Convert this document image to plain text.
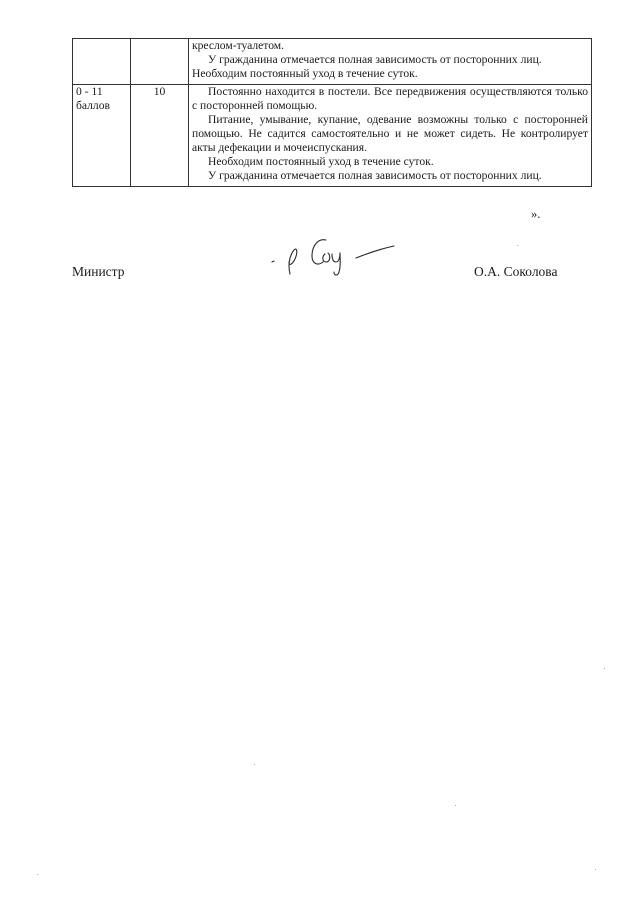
		креслом-туалетом.

У гражданина отмечается полная зависимость от посторонних лиц.

Необходим постоянный уход в течение суток.

0 - 11 баллов	10	Постоянно находится в постели. Все передвижения осуществляются только с посторонней помощью.

Питание, умывание, купание, одевание возможны только с посторонней помощью. Не садится самостоятельно и не может сидеть. Не контролирует акты дефекации и мочеиспускания.

Необходим постоянный уход в течение суток.

У гражданина отмечается полная зависимость от посторонних лиц.

».
Министр	О.А. Соколова
